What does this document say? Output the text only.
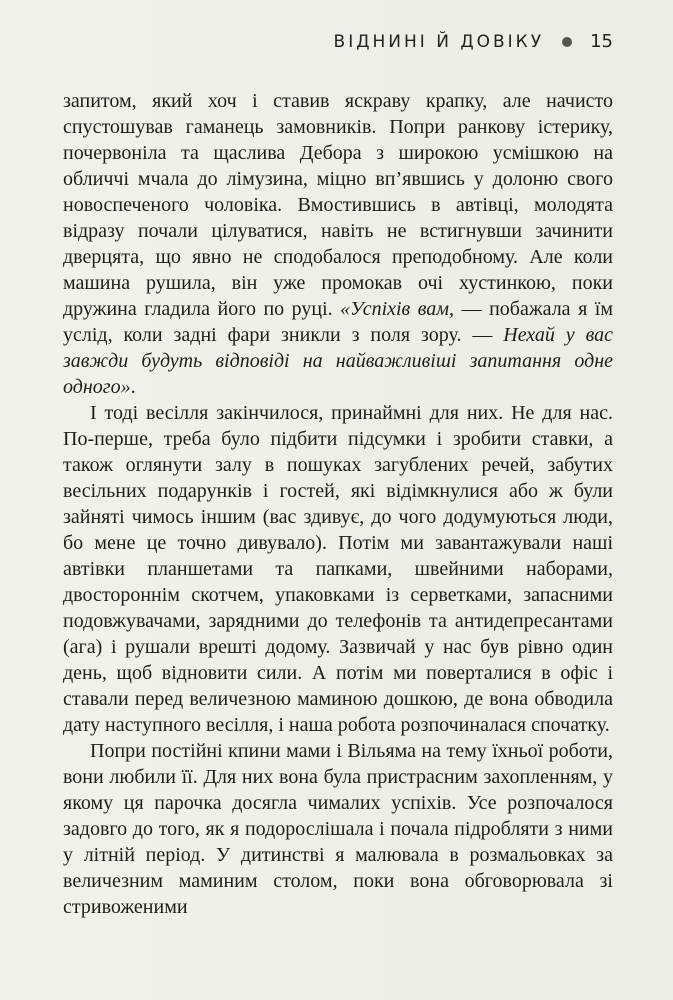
ВІДНИНІ Й ДОВІКУ	15

запитом, який хоч і ставив яскраву крапку, але начисто спустошував гаманець замовників. Попри ранкову істерику, почервоніла та щаслива Дебора з широкою усмішкою на обличчі мчала до лімузина, міцно вп’явшись у долоню свого новоспеченого чоловіка. Вмостившись в автівці, молодята відразу почали цілуватися, навіть не встигнувши зачинити дверцята, що явно не сподобалося преподобному. Але коли машина рушила, він уже промокав очі хустинкою, поки дружина гладила його по руці. «Успіхів вам, — побажала я їм услід, коли задні фари зникли з поля зору. — Нехай у вас завжди будуть відповіді на найважливіші запитання одне одного».

І тоді весілля закінчилося, принаймні для них. Не для нас. По-перше, треба було підбити підсумки і зробити ставки, а також оглянути залу в пошуках загублених речей, забутих весільних подарунків і гостей, які відімкнулися або ж були зайняті чимось іншим (вас здивує, до чого додумуються люди, бо мене це точно дивувало). Потім ми завантажували наші автівки планшетами та папками, швейними наборами, двостороннім скотчем, упаковками із серветками, запасними подовжувачами, зарядними до телефонів та антидепресантами (ага) і рушали врешті додому. Зазвичай у нас був рівно один день, щоб відновити сили. А потім ми поверталися в офіс і ставали перед величезною маминою дошкою, де вона обводила дату наступного весілля, і наша робота розпочиналася спочатку.

Попри постійні кпини мами і Вільяма на тему їхньої роботи, вони любили її. Для них вона була пристрасним захопленням, у якому ця парочка досягла чималих успіхів. Усе розпочалося задовго до того, як я подорослішала і почала підробляти з ними у літній період. У дитинстві я малювала в розмальовках за величезним маминим столом, поки вона обговорювала зі стривоженими
